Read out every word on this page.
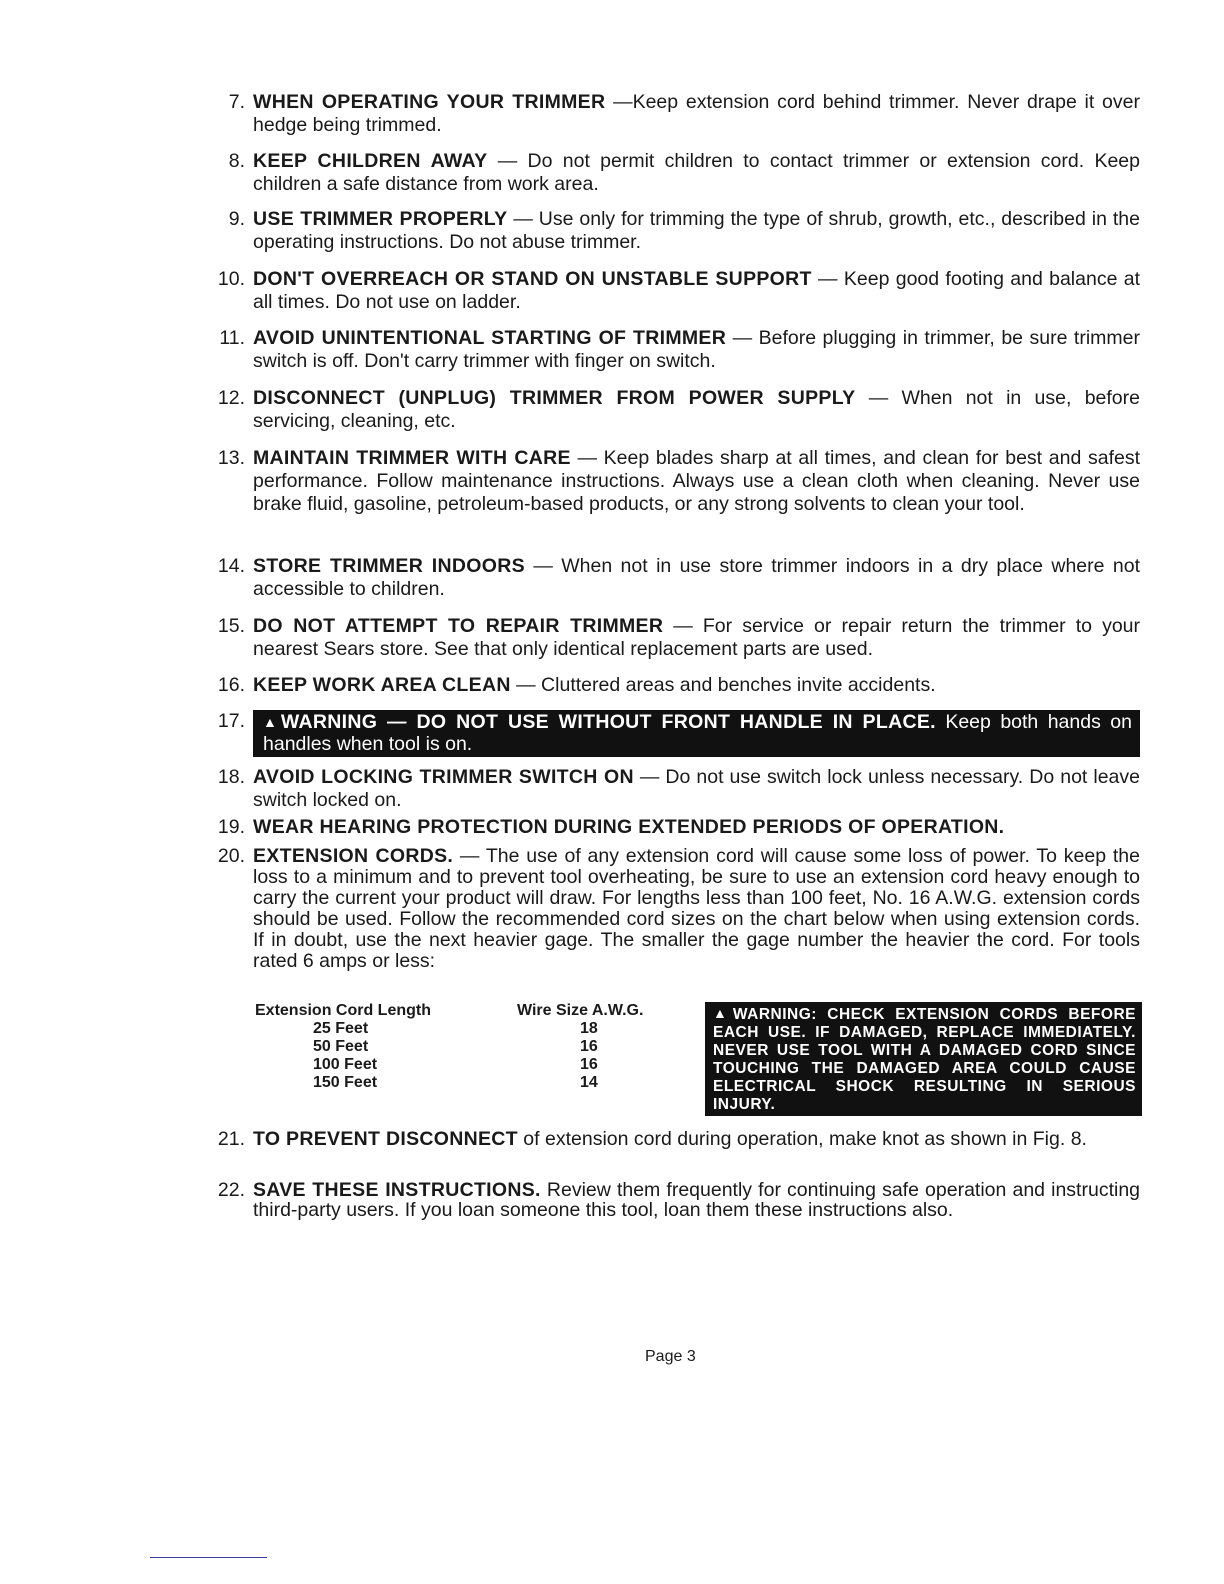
7. WHEN OPERATING YOUR TRIMMER —Keep extension cord behind trimmer. Never drape it over hedge being trimmed.
8. KEEP CHILDREN AWAY — Do not permit children to contact trimmer or extension cord. Keep children a safe distance from work area.
9. USE TRIMMER PROPERLY — Use only for trimming the type of shrub, growth, etc., described in the operating instructions. Do not abuse trimmer.
10. DON'T OVERREACH OR STAND ON UNSTABLE SUPPORT — Keep good footing and balance at all times. Do not use on ladder.
11. AVOID UNINTENTIONAL STARTING OF TRIMMER — Before plugging in trimmer, be sure trimmer switch is off. Don't carry trimmer with finger on switch.
12. DISCONNECT (UNPLUG) TRIMMER FROM POWER SUPPLY — When not in use, before servicing, cleaning, etc.
13. MAINTAIN TRIMMER WITH CARE — Keep blades sharp at all times, and clean for best and safest performance. Follow maintenance instructions. Always use a clean cloth when cleaning. Never use brake fluid, gasoline, petroleum-based products, or any strong solvents to clean your tool.
14. STORE TRIMMER INDOORS — When not in use store trimmer indoors in a dry place where not accessible to children.
15. DO NOT ATTEMPT TO REPAIR TRIMMER — For service or repair return the trimmer to your nearest Sears store. See that only identical replacement parts are used.
16. KEEP WORK AREA CLEAN — Cluttered areas and benches invite accidents.
17.	▲WARNING — DO NOT USE WITHOUT FRONT HANDLE IN PLACE. Keep both hands on handles when tool is on.
18. AVOID LOCKING TRIMMER SWITCH ON — Do not use switch lock unless necessary. Do not leave switch locked on.
19. WEAR HEARING PROTECTION DURING EXTENDED PERIODS OF OPERATION.
20. EXTENSION CORDS. — The use of any extension cord will cause some loss of power. To keep the loss to a minimum and to prevent tool overheating, be sure to use an extension cord heavy enough to carry the current your product will draw. For lengths less than 100 feet, No. 16 A.W.G. extension cords should be used. Follow the recommended cord sizes on the chart below when using extension cords. If in doubt, use the next heavier gage. The smaller the gage number the heavier the cord. For tools rated 6 amps or less:
Extension Cord Length	Wire Size A.W.G.
25 Feet	18
50 Feet	16
100 Feet	16
150 Feet	14
▲WARNING: CHECK EXTENSION CORDS BEFORE EACH USE. IF DAMAGED, REPLACE IMMEDIATELY. NEVER USE TOOL WITH A DAMAGED CORD SINCE TOUCHING THE DAMAGED AREA COULD CAUSE ELECTRICAL SHOCK RESULTING IN SERIOUS INJURY.
21. TO PREVENT DISCONNECT of extension cord during operation, make knot as shown in Fig. 8.
22. SAVE THESE INSTRUCTIONS. Review them frequently for continuing safe operation and instructing third-party users. If you loan someone this tool, loan them these instructions also.
Page 3
